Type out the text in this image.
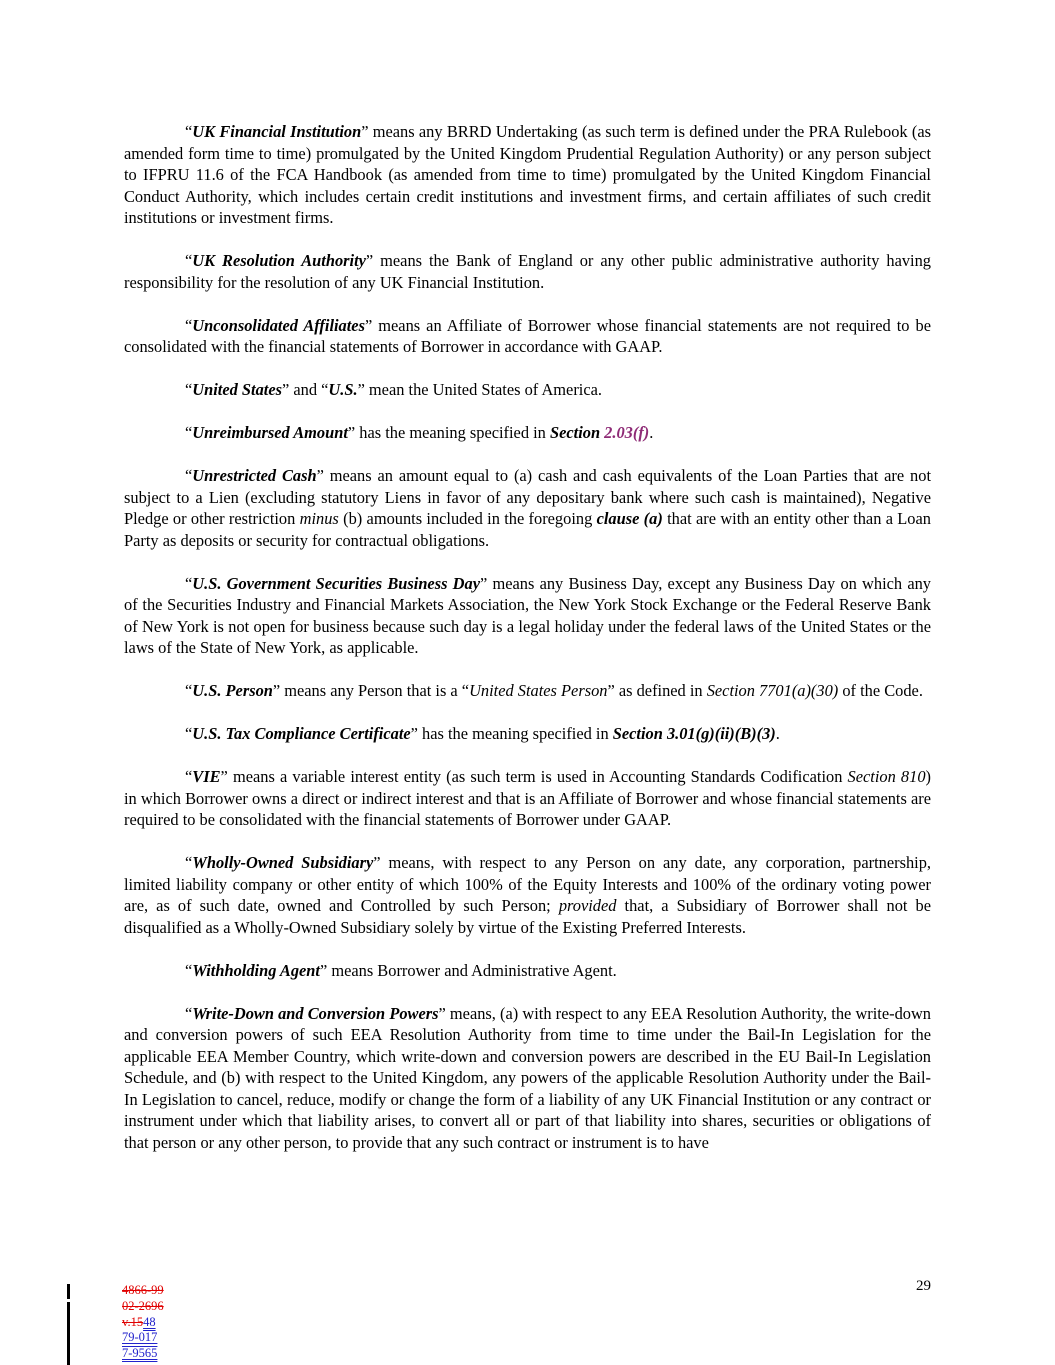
“UK Financial Institution” means any BRRD Undertaking (as such term is defined under the PRA Rulebook (as amended form time to time) promulgated by the United Kingdom Prudential Regulation Authority) or any person subject to IFPRU 11.6 of the FCA Handbook (as amended from time to time) promulgated by the United Kingdom Financial Conduct Authority, which includes certain credit institutions and investment firms, and certain affiliates of such credit institutions or investment firms.

“UK Resolution Authority” means the Bank of England or any other public administrative authority having responsibility for the resolution of any UK Financial Institution.

“Unconsolidated Affiliates” means an Affiliate of Borrower whose financial statements are not required to be consolidated with the financial statements of Borrower in accordance with GAAP.

“United States” and “U.S.” mean the United States of America.

“Unreimbursed Amount” has the meaning specified in Section 2.03(f).

“Unrestricted Cash” means an amount equal to (a) cash and cash equivalents of the Loan Parties that are not subject to a Lien (excluding statutory Liens in favor of any depositary bank where such cash is maintained), Negative Pledge or other restriction minus (b) amounts included in the foregoing clause (a) that are with an entity other than a Loan Party as deposits or security for contractual obligations.

“U.S. Government Securities Business Day” means any Business Day, except any Business Day on which any of the Securities Industry and Financial Markets Association, the New York Stock Exchange or the Federal Reserve Bank of New York is not open for business because such day is a legal holiday under the federal laws of the United States or the laws of the State of New York, as applicable.

“U.S. Person” means any Person that is a “United States Person” as defined in Section 7701(a)(30) of the Code.

“U.S. Tax Compliance Certificate” has the meaning specified in Section 3.01(g)(ii)(B)(3).

“VIE” means a variable interest entity (as such term is used in Accounting Standards Codification Section 810) in which Borrower owns a direct or indirect interest and that is an Affiliate of Borrower and whose financial statements are required to be consolidated with the financial statements of Borrower under GAAP.

“Wholly-Owned Subsidiary” means, with respect to any Person on any date, any corporation, partnership, limited liability company or other entity of which 100% of the Equity Interests and 100% of the ordinary voting power are, as of such date, owned and Controlled by such Person; provided that, a Subsidiary of Borrower shall not be disqualified as a Wholly-Owned Subsidiary solely by virtue of the Existing Preferred Interests.

“Withholding Agent” means Borrower and Administrative Agent.

“Write-Down and Conversion Powers” means, (a) with respect to any EEA Resolution Authority, the write-down and conversion powers of such EEA Resolution Authority from time to time under the Bail-In Legislation for the applicable EEA Member Country, which write-down and conversion powers are described in the EU Bail-In Legislation Schedule, and (b) with respect to the United Kingdom, any powers of the applicable Resolution Authority under the Bail-In Legislation to cancel, reduce, modify or change the form of a liability of any UK Financial Institution or any contract or instrument under which that liability arises, to convert all or part of that liability into shares, securities or obligations of that person or any other person, to provide that any such contract or instrument is to have

4866-99
02-2696
v.1548
79-017
7-9565
29
